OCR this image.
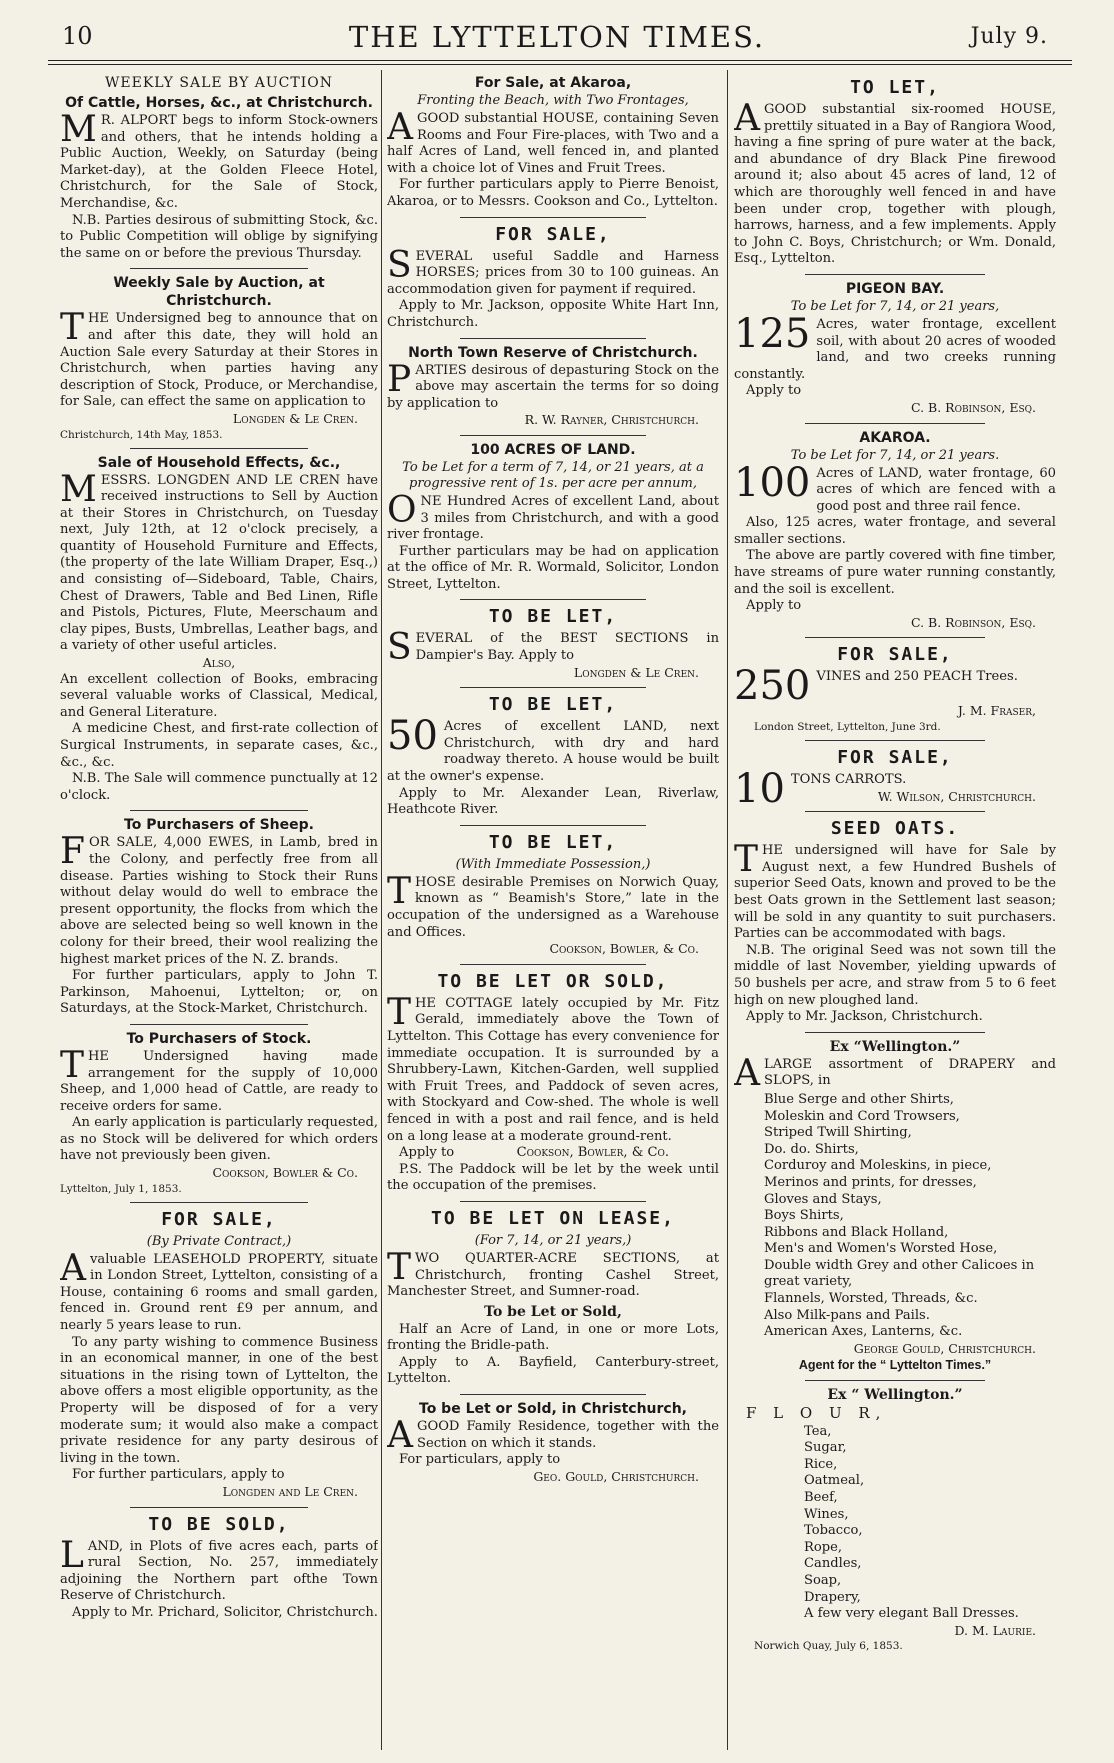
10	THE LYTTELTON TIMES.	July 9.
WEEKLY SALE BY AUCTION
Of Cattle, Horses, &c., at Christchurch.

M R. ALPORT begs to inform Stock-owners and others, that he intends holding a Public Auction, Weekly, on Saturday (being Market-day), at the Golden Fleece Hotel, Christchurch, for the Sale of Stock, Merchandise, &c.

N.B. Parties desirous of submitting Stock, &c. to Public Competition will oblige by signifying the same on or before the previous Thursday.

Weekly Sale by Auction, at Christchurch.

THE Undersigned beg to announce that on and after this date, they will hold an Auction Sale every Saturday at their Stores in Christchurch, when parties having any description of Stock, Produce, or Merchandise, for Sale, can effect the same on application to

Longden & Le Cren.
Christchurch, 14th May, 1853.
Sale of Household Effects, &c.,

MESSRS. LONGDEN AND LE CREN have received instructions to Sell by Auction at their Stores in Christchurch, on Tuesday next, July 12th, at 12 o'clock precisely, a quantity of Household Furniture and Effects, (the property of the late William Draper, Esq.,) and consisting of—Sideboard, Table, Chairs, Chest of Drawers, Table and Bed Linen, Rifle and Pistols, Pictures, Flute, Meerschaum and clay pipes, Busts, Umbrellas, Leather bags, and a variety of other useful articles.

Also,

An excellent collection of Books, embracing several valuable works of Classical, Medical, and General Literature.

A medicine Chest, and first-rate collection of Surgical Instruments, in separate cases, &c., &c., &c.

N.B. The Sale will commence punctually at 12 o'clock.

To Purchasers of Sheep.

FOR SALE, 4,000 EWES, in Lamb, bred in the Colony, and perfectly free from all disease. Parties wishing to Stock their Runs without delay would do well to embrace the present opportunity, the flocks from which the above are selected being so well known in the colony for their breed, their wool realizing the highest market prices of the N. Z. brands.

For further particulars, apply to John T. Parkinson, Mahoenui, Lyttelton; or, on Saturdays, at the Stock-Market, Christchurch.

To Purchasers of Stock.

THE Undersigned having made arrangement for the supply of 10,000 Sheep, and 1,000 head of Cattle, are ready to receive orders for same.

An early application is particularly requested, as no Stock will be delivered for which orders have not previously been given.

Cookson, Bowler & Co.
Lyttelton, July 1, 1853.
FOR SALE,
(By Private Contract,)

Avaluable LEASEHOLD PROPERTY, situate in London Street, Lyttelton, consisting of a House, containing 6 rooms and small garden, fenced in. Ground rent £9 per annum, and nearly 5 years lease to run.

To any party wishing to commence Business in an economical manner, in one of the best situations in the rising town of Lyttelton, the above offers a most eligible opportunity, as the Property will be disposed of for a very moderate sum; it would also make a compact private residence for any party desirous of living in the town.

For further particulars, apply to

Longden and Le Cren.
TO BE SOLD,

LAND, in Plots of five acres each, parts of rural Section, No. 257, immediately adjoining the Northern part ofthe Town Reserve of Christchurch.

Apply to Mr. Prichard, Solicitor, Christchurch.

For Sale, at Akaroa,
Fronting the Beach, with Two Frontages,

AGOOD substantial HOUSE, containing Seven Rooms and Four Fire-places, with Two and a half Acres of Land, well fenced in, and planted with a choice lot of Vines and Fruit Trees.

For further particulars apply to Pierre Benoist, Akaroa, or to Messrs. Cookson and Co., Lyttelton.

FOR SALE,

SEVERAL useful Saddle and Harness HORSES; prices from 30 to 100 guineas. An accommodation given for payment if required.

Apply to Mr. Jackson, opposite White Hart Inn, Christchurch.

North Town Reserve of Christchurch.

PARTIES desirous of depasturing Stock on the above may ascertain the terms for so doing by application to

R. W. Rayner, Christchurch.
100 ACRES OF LAND.
To be Let for a term of 7, 14, or 21 years, at a progressive rent of 1s. per acre per annum,

ONE Hundred Acres of excellent Land, about 3 miles from Christchurch, and with a good river frontage.

Further particulars may be had on application at the office of Mr. R. Wormald, Solicitor, London Street, Lyttelton.

TO BE LET,

SEVERAL of the BEST SECTIONS in Dampier's Bay. Apply to

Longden & Le Cren.
TO BE LET,

50 Acres of excellent LAND, next Christchurch, with dry and hard roadway thereto. A house would be built at the owner's expense.

Apply to Mr. Alexander Lean, Riverlaw, Heathcote River.

TO BE LET,
(With Immediate Possession,)

THOSE desirable Premises on Norwich Quay, known as “ Beamish's Store,” late in the occupation of the undersigned as a Warehouse and Offices.

Cookson, Bowler, & Co.
TO BE LET OR SOLD,

THE COTTAGE lately occupied by Mr. Fitz Gerald, immediately above the Town of Lyttelton. This Cottage has every convenience for immediate occupation. It is surrounded by a Shrubbery-Lawn, Kitchen-Garden, well supplied with Fruit Trees, and Paddock of seven acres, with Stockyard and Cow-shed. The whole is well fenced in with a post and rail fence, and is held on a long lease at a moderate ground-rent.

Apply to	Cookson, Bowler, & Co.

P.S. The Paddock will be let by the week until the occupation of the premises.

TO BE LET ON LEASE,
(For 7, 14, or 21 years,)

TWO QUARTER-ACRE SECTIONS, at Christchurch, fronting Cashel Street, Manchester Street, and Sumner-road.

To be Let or Sold,

Half an Acre of Land, in one or more Lots, fronting the Bridle-path.

Apply to A. Bayfield, Canterbury-street, Lyttelton.

To be Let or Sold, in Christchurch,

AGOOD Family Residence, together with the Section on which it stands.

For particulars, apply to

Geo. Gould, Christchurch.
TO LET,

AGOOD substantial six-roomed HOUSE, prettily situated in a Bay of Rangiora Wood, having a fine spring of pure water at the back, and abundance of dry Black Pine firewood around it; also about 45 acres of land, 12 of which are thoroughly well fenced in and have been under crop, together with plough, harrows, harness, and a few implements. Apply to John C. Boys, Christchurch; or Wm. Donald, Esq., Lyttelton.

PIGEON BAY.
To be Let for 7, 14, or 21 years,

125 Acres, water frontage, excellent soil, with about 20 acres of wooded land, and two creeks running constantly.

Apply to

C. B. Robinson, Esq.
AKAROA.
To be Let for 7, 14, or 21 years.

100 Acres of LAND, water frontage, 60 acres of which are fenced with a good post and three rail fence.

Also, 125 acres, water frontage, and several smaller sections.

The above are partly covered with fine timber, have streams of pure water running constantly, and the soil is excellent.

Apply to

C. B. Robinson, Esq.
FOR SALE,

250 VINES and 250 PEACH Trees.

J. M. Fraser,
London Street, Lyttelton, June 3rd.
FOR SALE,

10 TONS CARROTS.

W. Wilson, Christchurch.
SEED OATS.

THE undersigned will have for Sale by August next, a few Hundred Bushels of superior Seed Oats, known and proved to be the best Oats grown in the Settlement last season; will be sold in any quantity to suit purchasers. Parties can be accommodated with bags.

N.B. The original Seed was not sown till the middle of last November, yielding upwards of 50 bushels per acre, and straw from 5 to 6 feet high on new ploughed land.

Apply to Mr. Jackson, Christchurch.

Ex “Wellington.”

ALARGE assortment of DRAPERY and SLOPS, in

Blue Serge and other Shirts,
Moleskin and Cord Trowsers,
Striped Twill Shirting,
Do. do. Shirts,
Corduroy and Moleskins, in piece,
Merinos and prints, for dresses,
Gloves and Stays,
Boys Shirts,
Ribbons and Black Holland,
Men's and Women's Worsted Hose,
Double width Grey and other Calicoes in great variety,
Flannels, Worsted, Threads, &c.
Also Milk-pans and Pails.
American Axes, Lanterns, &c.
George Gould, Christchurch.
Agent for the “ Lyttelton Times.”
Ex “ Wellington.”
F L O U R,
Tea,
Sugar,
Rice,
Oatmeal,
Beef,
Wines,
Tobacco,
Rope,
Candles,
Soap,
Drapery,
A few very elegant Ball Dresses.
D. M. Laurie.
Norwich Quay, July 6, 1853.
